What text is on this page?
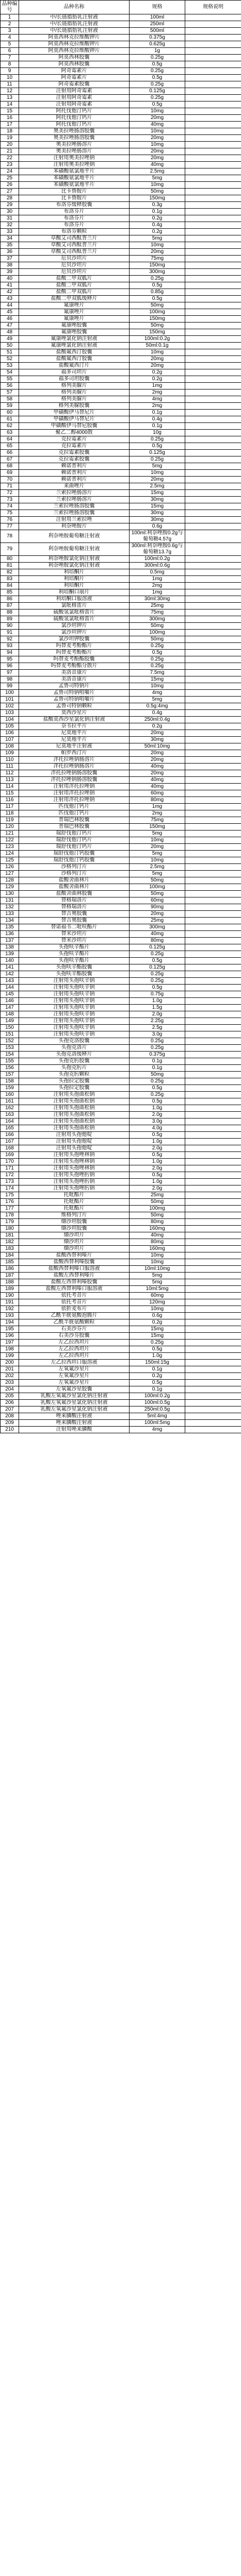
品种编号	品种名称	规格	规格说明
1	中/长链脂肪乳注射液	100ml	
2	中/长链脂肪乳注射液	250ml	
3	中/长链脂肪乳注射液	500ml	
4	阿莫西林克拉维酸钾片	0.375g	
5	阿莫西林克拉维酸钾片	0.625g	
6	阿莫西林克拉维酸钾片	1g	
7	阿莫西林胶囊	0.25g	
8	阿莫西林胶囊	0.5g	
9	阿奇霉素片	0.25g	
10	阿奇霉素片	0.5g	
11	阿奇霉素胶囊	0.25g	
12	注射用阿奇霉素	0.125g	
13	注射用阿奇霉素	0.25g	
14	注射用阿奇霉素	0.5g	
15	阿托伐他汀钙片	10mg	
16	阿托伐他汀钙片	20mg	
17	阿托伐他汀钙片	40mg	
18	奥美拉唑肠溶胶囊	10mg	
19	奥美拉唑肠溶胶囊	20mg	
20	奥美拉唑肠溶片	10mg	
21	奥美拉唑肠溶片	20mg	
22	注射用奥美拉唑钠	20mg	
23	注射用奥美拉唑钠	40mg	
24	苯磺酸氨氯地平片	2.5mg	
25	苯磺酸氨氯地平片	5mg	
26	苯磺酸氨氯地平片	10mg	
27	比卡鲁胺片	50mg	
28	比卡鲁胺片	150mg	
29	布洛芬缓释胶囊	0.3g	
30	布洛芬片	0.1g	
31	布洛芬片	0.2g	
32	布洛芬片	0.4g	
33	布洛芬颗粒	0.2g	
34	草酸艾司西酞普兰片	5mg	
35	草酸艾司西酞普兰片	10mg	
36	草酸艾司西酞普兰片	20mg	
37	厄贝沙坦片	75mg	
38	厄贝沙坦片	150mg	
39	厄贝沙坦片	300mg	
40	盐酸二甲双胍片	0.25g	
41	盐酸二甲双胍片	0.5g	
42	盐酸二甲双胍片	0.85g	
43	盐酸二甲双胍缓释片	0.5g	
44	氟康唑片	50mg	
45	氟康唑片	100mg	
46	氟康唑片	150mg	
47	氟康唑胶囊	50mg	
48	氟康唑胶囊	150mg	
49	氟康唑氯化钠注射液	100ml:0.2g	
50	氟康唑氯化钠注射液	50ml:0.1g	
51	盐酸氟西汀胶囊	10mg	
52	盐酸氟西汀胶囊	20mg	
53	盐酸氟西汀片	20mg	
54	福多司坦片	0.2g	
55	福多司坦胶囊	0.2g	
56	格列美脲片	1mg	
57	格列美脲片	2mg	
58	格列美脲片	4mg	
59	格列美脲胶囊	2mg	
60	甲磺酸伊马替尼片	0.1g	
61	甲磺酸伊马替尼片	0.4g	
62	甲磺酸伊马替尼胶囊	0.1g	
63	聚乙二醇4000散	10g	
64	克拉霉素片	0.25g	
65	克拉霉素片	0.5g	
66	克拉霉素胶囊	0.125g	
67	克拉霉素胶囊	0.25g	
68	赖诺普利片	5mg	
69	赖诺普利片	10mg	
70	赖诺普利片	20mg	
71	来曲唑片	2.5mg	
72	兰索拉唑肠溶片	15mg	
73	兰索拉唑肠溶片	30mg	
74	兰索拉唑肠溶胶囊	15mg	
75	兰索拉唑肠溶胶囊	30mg	
76	注射用兰索拉唑	30mg	
77	利奈唑胺片	0.6g	
78	利奈唑胺葡萄糖注射液	100ml:利奈唑胺0.2g与葡萄糖4.57g	
79	利奈唑胺葡萄糖注射液	300ml:利奈唑胺0.6g与葡萄糖13.7g	
80	利奈唑胺氯化钠注射液	100ml:0.2g	
81	利奈唑胺氯化钠注射液	300ml:0.6g	
82	利培酮片	0.5mg	
83	利培酮片	1mg	
84	利培酮片	2mg	
85	利培酮口崩片	1mg	
86	利培酮口服溶液	30ml:30mg	
87	氯吡格雷片	25mg	
88	硫酸氢氯吡格雷片	75mg	
89	硫酸氢氯吡格雷片	300mg	
90	氯沙坦钾片	50mg	
91	氯沙坦钾片	100mg	
92	氯沙坦钾胶囊	50mg	
93	吗替麦考酚酯片	0.25g	
94	吗替麦考酚酯片	0.5g	
95	吗替麦考酚酯胶囊	0.25g	
96	吗替麦考酚酯分散片	0.25g	
97	美洛昔康片	7.5mg	
98	美洛昔康片	15mg	
99	孟鲁司特钠片	10mg	
100	孟鲁司特钠咀嚼片	4mg	
101	孟鲁司特钠咀嚼片	5mg	
102	孟鲁司特钠颗粒	0.5g:4mg	
103	莫西沙星片	0.4g	
104	盐酸莫西沙星氯化钠注射液	250ml:0.4g	
105	奈韦拉平片	0.2g	
106	尼莫地平片	20mg	
107	尼莫地平片	30mg	
108	尼莫地平注射液	50ml:10mg	
109	帕罗西汀片	20mg	
110	泮托拉唑钠肠溶片	20mg	
111	泮托拉唑钠肠溶片	40mg	
112	泮托拉唑钠肠溶胶囊	20mg	
113	泮托拉唑钠肠溶胶囊	40mg	
114	注射用泮托拉唑钠	40mg	
115	注射用泮托拉唑钠	60mg	
116	注射用泮托拉唑钠	80mg	
117	匹伐他汀钙片	1mg	
118	匹伐他汀钙片	2mg	
119	普瑞巴林胶囊	75mg	
120	普瑞巴林胶囊	150mg	
121	瑞舒伐他汀钙片	5mg	
122	瑞舒伐他汀钙片	10mg	
123	瑞舒伐他汀钙片	20mg	
124	瑞舒伐他汀钙胶囊	5mg	
125	瑞舒伐他汀钙胶囊	10mg	
126	沙格列汀片	2.5mg	
127	沙格列汀片	5mg	
128	盐酸舍曲林片	50mg	
129	盐酸舍曲林片	100mg	
130	盐酸舍曲林胶囊	50mg	
131	替格瑞洛片	60mg	
132	替格瑞洛片	90mg	
133	替吉奥胶囊	20mg	
134	替吉奥胶囊	25mg	
135	替诺福韦二吡呋酯片	300mg	
136	替米沙坦片	40mg	
137	替米沙坦片	80mg	
138	头孢呋辛酯片	0.125g	
139	头孢呋辛酯片	0.25g	
140	头孢呋辛酯片	0.5g	
141	头孢呋辛酯胶囊	0.125g	
142	头孢呋辛酯胶囊	0.25g	
143	注射用头孢呋辛钠	0.25g	
144	注射用头孢呋辛钠	0.5g	
145	注射用头孢呋辛钠	0.75g	
146	注射用头孢呋辛钠	1.0g	
147	注射用头孢呋辛钠	1.5g	
148	注射用头孢呋辛钠	2.0g	
149	注射用头孢呋辛钠	2.25g	
150	注射用头孢呋辛钠	2.5g	
151	注射用头孢呋辛钠	3.0g	
152	头孢克洛胶囊	0.25g	
153	头孢克洛片	0.25g	
154	头孢克洛缓释片	0.375g	
155	头孢克肟胶囊	0.1g	
156	头孢克肟片	0.1g	
157	头孢克肟颗粒	50mg	
158	头孢拉定胶囊	0.25g	
159	头孢拉定胶囊	0.5g	
160	注射用头孢曲松钠	0.25g	
161	注射用头孢曲松钠	0.5g	
162	注射用头孢曲松钠	1.0g	
163	注射用头孢曲松钠	2.0g	
164	注射用头孢曲松钠	3.0g	
165	注射用头孢曲松钠	4.0g	
166	注射用头孢他啶	0.5g	
167	注射用头孢他啶	1.0g	
168	注射用头孢他啶	2.0g	
169	注射用头孢唑林钠	0.5g	
170	注射用头孢唑林钠	1.0g	
171	注射用头孢唑林钠	2.0g	
172	注射用头孢唑肟钠	0.5g	
173	注射用头孢唑肟钠	1.0g	
174	注射用头孢唑肟钠	2.0g	
175	托吡酯片	25mg	
176	托吡酯片	50mg	
177	托吡酯片	100mg	
178	维格列汀片	50mg	
179	缬沙坦胶囊	80mg	
180	缬沙坦胶囊	160mg	
181	缬沙坦片	40mg	
182	缬沙坦片	80mg	
183	缬沙坦片	160mg	
184	盐酸西替利嗪片	10mg	
185	盐酸西替利嗪胶囊	10mg	
186	盐酸西替利嗪口服溶液	10ml:10mg	
187	盐酸左西替利嗪片	5mg	
188	盐酸左西替利嗪胶囊	5mg	
189	盐酸左西替利嗪口服溶液	10ml:5mg	
190	依托考昔片	60mg	
191	依托考昔片	120mg	
192	依折麦布片	10mg	
193	乙酰半胱氨酸泡腾片	0.6g	
194	乙酰半胱氨酸颗粒	0.2g	
195	右美沙芬片	15mg	
196	右美沙芬胶囊	15mg	
197	左乙拉西坦片	0.25g	
198	左乙拉西坦片	0.5g	
199	左乙拉西坦片	1.0g	
200	左乙拉西坦口服溶液	150ml:15g	
201	左氧氟沙星片	0.1g	
202	左氧氟沙星片	0.2g	
203	左氧氟沙星片	0.5g	
204	左氧氟沙星胶囊	0.1g	
205	乳酸左氧氟沙星氯化钠注射液	100ml:0.2g	
206	乳酸左氧氟沙星氯化钠注射液	100ml:0.5g	
207	乳酸左氧氟沙星氯化钠注射液	250ml:0.5g	
208	唑来膦酸注射液	5ml:4mg	
209	唑来膦酸注射液	100ml:5mg	
210	注射用唑来膦酸	4mg	
